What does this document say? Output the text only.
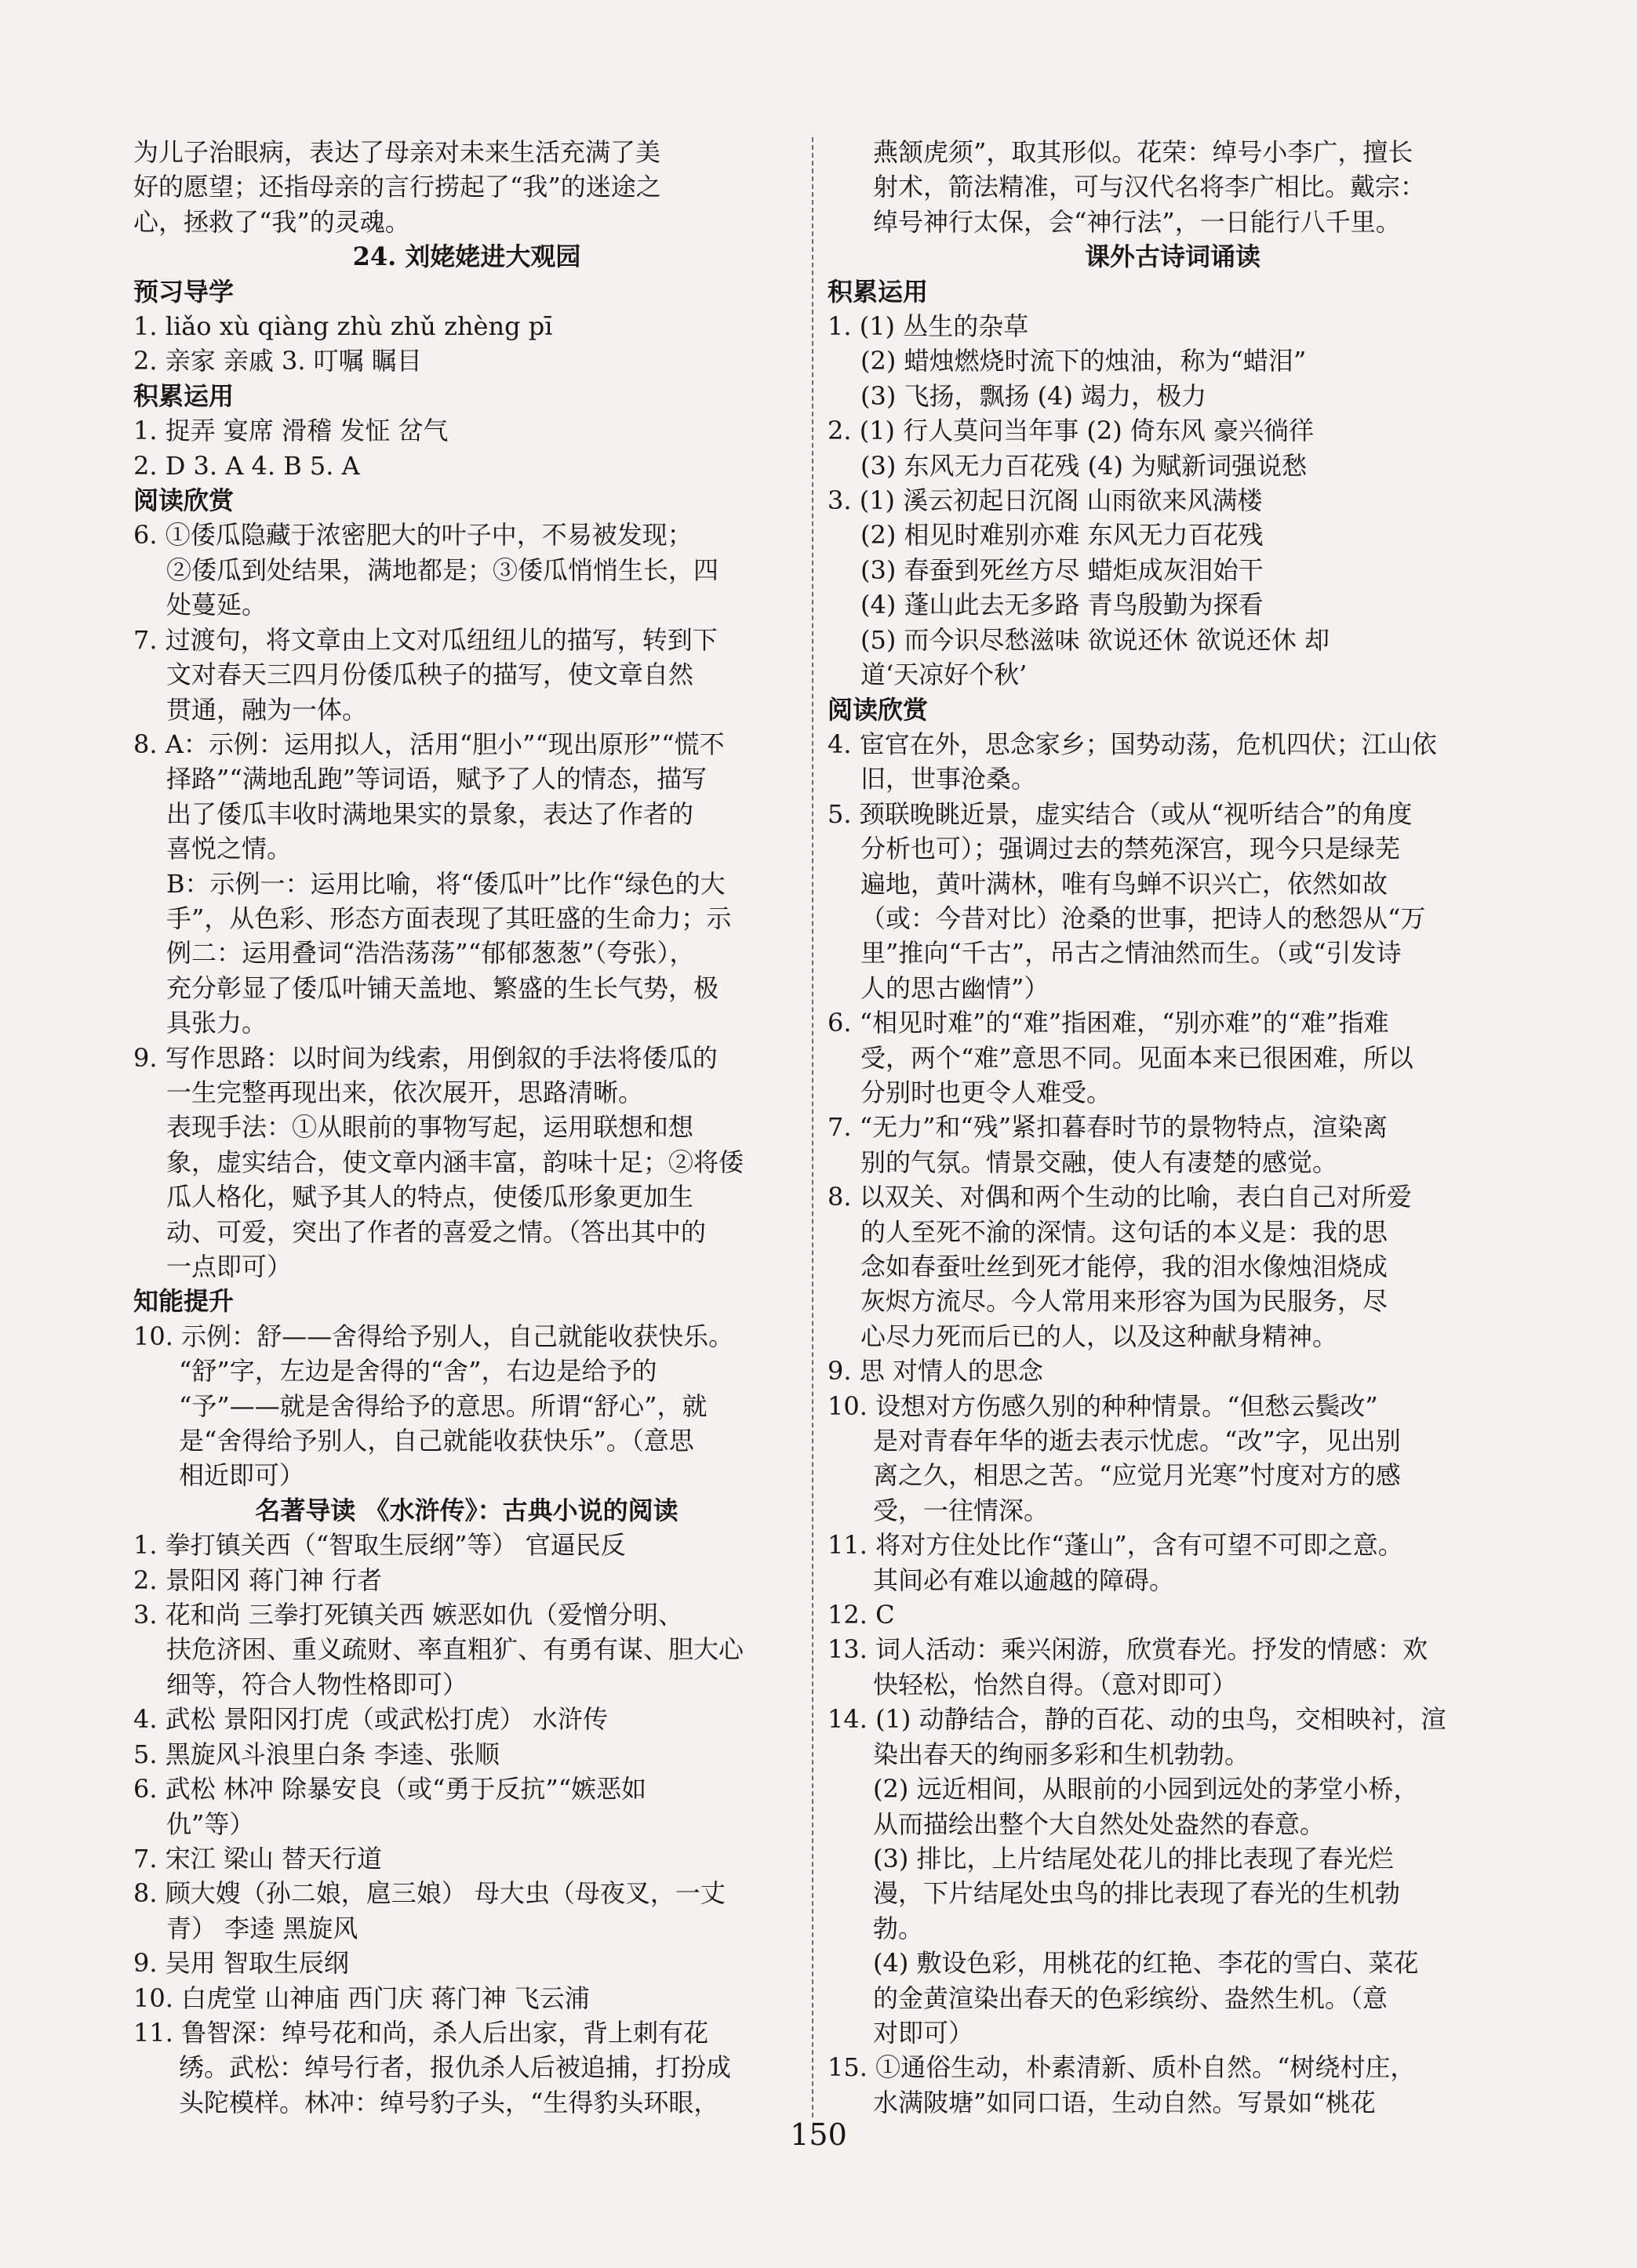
为儿子治眼病，表达了母亲对未来生活充满了美
好的愿望；还指母亲的言行捞起了“我”的迷途之
心，拯救了“我”的灵魂。
24. 刘姥姥进大观园
预习导学
1. liǎo xù qiàng zhù zhǔ zhèng pī
2. 亲家 亲戚 3. 叮嘱 瞩目
积累运用
1. 捉弄 宴席 滑稽 发怔 岔气
2. D 3. A 4. B 5. A
阅读欣赏
6. ①倭瓜隐藏于浓密肥大的叶子中，不易被发现；
②倭瓜到处结果，满地都是；③倭瓜悄悄生长，四
处蔓延。
7. 过渡句，将文章由上文对瓜纽纽儿的描写，转到下
文对春天三四月份倭瓜秧子的描写，使文章自然
贯通，融为一体。
8. A：示例：运用拟人，活用“胆小”“现出原形”“慌不
择路”“满地乱跑”等词语，赋予了人的情态，描写
出了倭瓜丰收时满地果实的景象，表达了作者的
喜悦之情。
B：示例一：运用比喻，将“倭瓜叶”比作“绿色的大
手”，从色彩、形态方面表现了其旺盛的生命力；示
例二：运用叠词“浩浩荡荡”“郁郁葱葱”（夸张），
充分彰显了倭瓜叶铺天盖地、繁盛的生长气势，极
具张力。
9. 写作思路：以时间为线索，用倒叙的手法将倭瓜的
一生完整再现出来，依次展开，思路清晰。
表现手法：①从眼前的事物写起，运用联想和想
象，虚实结合，使文章内涵丰富，韵味十足；②将倭
瓜人格化，赋予其人的特点，使倭瓜形象更加生
动、可爱，突出了作者的喜爱之情。（答出其中的
一点即可）
知能提升
10. 示例：舒——舍得给予别人，自己就能收获快乐。
“舒”字，左边是舍得的“舍”，右边是给予的
“予”——就是舍得给予的意思。所谓“舒心”，就
是“舍得给予别人，自己就能收获快乐”。（意思
相近即可）
名著导读 《水浒传》：古典小说的阅读
1. 拳打镇关西（“智取生辰纲”等） 官逼民反
2. 景阳冈 蒋门神 行者
3. 花和尚 三拳打死镇关西 嫉恶如仇（爱憎分明、
扶危济困、重义疏财、率直粗犷、有勇有谋、胆大心
细等，符合人物性格即可）
4. 武松 景阳冈打虎（或武松打虎） 水浒传
5. 黑旋风斗浪里白条 李逵、张顺
6. 武松 林冲 除暴安良（或“勇于反抗”“嫉恶如
仇”等）
7. 宋江 梁山 替天行道
8. 顾大嫂（孙二娘，扈三娘） 母大虫（母夜叉，一丈
青） 李逵 黑旋风
9. 吴用 智取生辰纲
10. 白虎堂 山神庙 西门庆 蒋门神 飞云浦
11. 鲁智深：绰号花和尚，杀人后出家，背上刺有花
绣。武松：绰号行者，报仇杀人后被追捕，打扮成
头陀模样。林冲：绰号豹子头，“生得豹头环眼，
燕颔虎须”，取其形似。花荣：绰号小李广，擅长
射术，箭法精准，可与汉代名将李广相比。戴宗：
绰号神行太保，会“神行法”，一日能行八千里。
课外古诗词诵读
积累运用
1. (1) 丛生的杂草
(2) 蜡烛燃烧时流下的烛油，称为“蜡泪”
(3) 飞扬，飘扬 (4) 竭力，极力
2. (1) 行人莫问当年事 (2) 倚东风 豪兴徜徉
(3) 东风无力百花残 (4) 为赋新词强说愁
3. (1) 溪云初起日沉阁 山雨欲来风满楼
(2) 相见时难别亦难 东风无力百花残
(3) 春蚕到死丝方尽 蜡炬成灰泪始干
(4) 蓬山此去无多路 青鸟殷勤为探看
(5) 而今识尽愁滋味 欲说还休 欲说还休 却
道‘天凉好个秋’
阅读欣赏
4. 宦官在外，思念家乡；国势动荡，危机四伏；江山依
旧，世事沧桑。
5. 颈联晚眺近景，虚实结合（或从“视听结合”的角度
分析也可）；强调过去的禁苑深宫，现今只是绿芜
遍地，黄叶满林，唯有鸟蝉不识兴亡，依然如故
（或：今昔对比）沧桑的世事，把诗人的愁怨从“万
里”推向“千古”，吊古之情油然而生。（或“引发诗
人的思古幽情”）
6. “相见时难”的“难”指困难，“别亦难”的“难”指难
受，两个“难”意思不同。见面本来已很困难，所以
分别时也更令人难受。
7. “无力”和“残”紧扣暮春时节的景物特点，渲染离
别的气氛。情景交融，使人有凄楚的感觉。
8. 以双关、对偶和两个生动的比喻，表白自己对所爱
的人至死不渝的深情。这句话的本义是：我的思
念如春蚕吐丝到死才能停，我的泪水像烛泪烧成
灰烬方流尽。今人常用来形容为国为民服务，尽
心尽力死而后已的人，以及这种献身精神。
9. 思 对情人的思念
10. 设想对方伤感久别的种种情景。“但愁云鬓改”
是对青春年华的逝去表示忧虑。“改”字，见出别
离之久，相思之苦。“应觉月光寒”忖度对方的感
受，一往情深。
11. 将对方住处比作“蓬山”，含有可望不可即之意。
其间必有难以逾越的障碍。
12. C
13. 词人活动：乘兴闲游，欣赏春光。抒发的情感：欢
快轻松，怡然自得。（意对即可）
14. (1) 动静结合，静的百花、动的虫鸟，交相映衬，渲
染出春天的绚丽多彩和生机勃勃。
(2) 远近相间，从眼前的小园到远处的茅堂小桥，
从而描绘出整个大自然处处盎然的春意。
(3) 排比，上片结尾处花儿的排比表现了春光烂
漫，下片结尾处虫鸟的排比表现了春光的生机勃
勃。
(4) 敷设色彩，用桃花的红艳、李花的雪白、菜花
的金黄渲染出春天的色彩缤纷、盎然生机。（意
对即可）
15. ①通俗生动，朴素清新、质朴自然。“树绕村庄，
水满陂塘”如同口语，生动自然。写景如“桃花
150
